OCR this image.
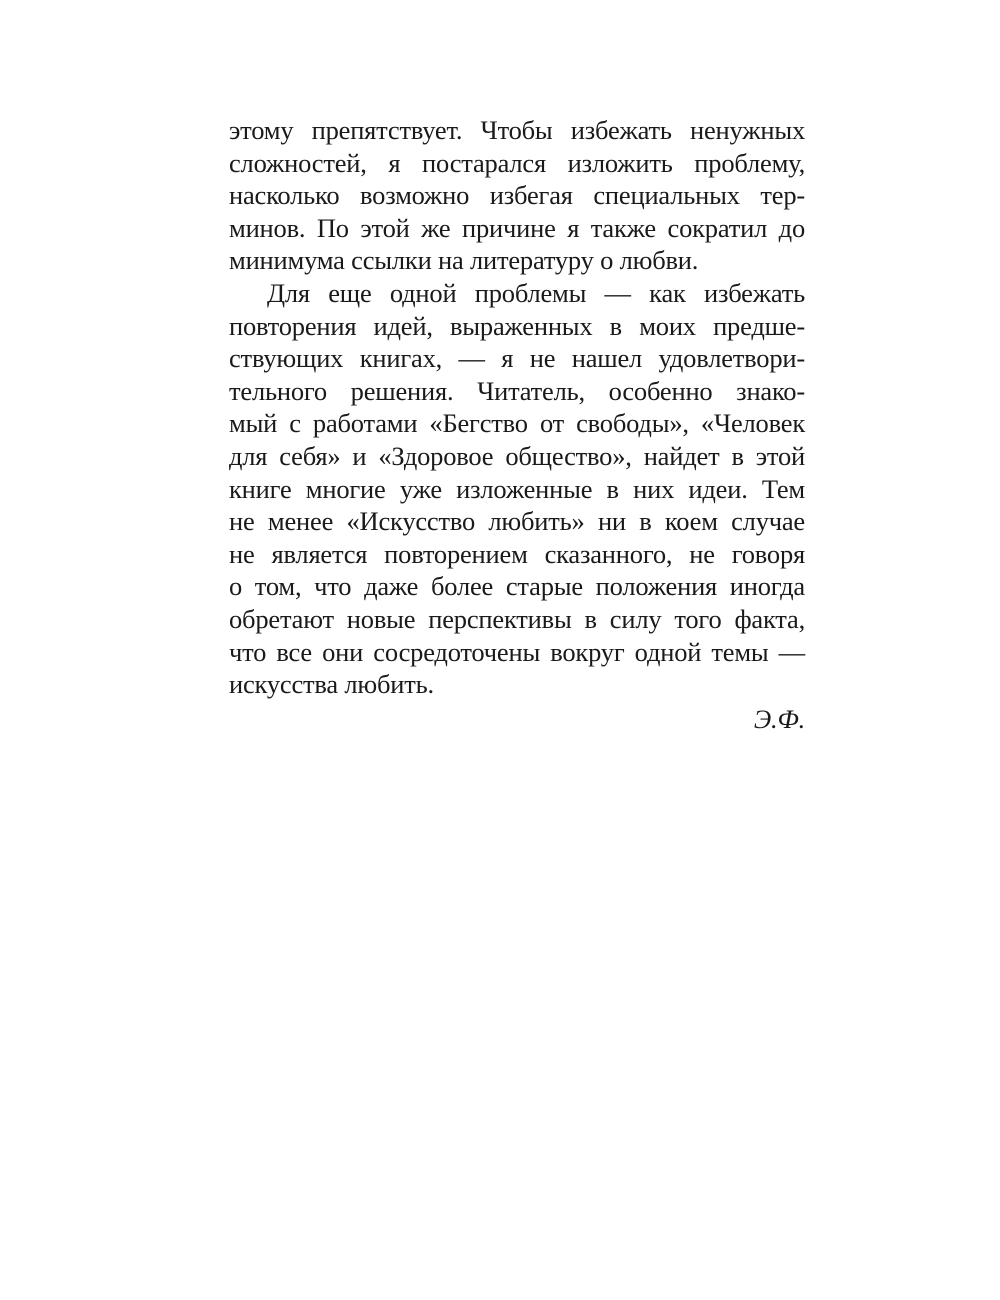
этому препятствует. Чтобы избежать ненужных
сложностей, я постарался изложить проблему,
насколько возможно избегая специальных тер-
минов. По этой же причине я также сократил до
минимума ссылки на литературу о любви.
Для еще одной проблемы — как избежать
повторения идей, выраженных в моих предше-
ствующих книгах, — я не нашел удовлетвори-
тельного решения. Читатель, особенно знако-
мый с работами «Бегство от свободы», «Человек
для себя» и «Здоровое общество», найдет в этой
книге многие уже изложенные в них идеи. Тем
не менее «Искусство любить» ни в коем случае
не является повторением сказанного, не говоря
о том, что даже более старые положения иногда
обретают новые перспективы в силу того факта,
что все они сосредоточены вокруг одной темы —
искусства любить.
Э.Ф.
